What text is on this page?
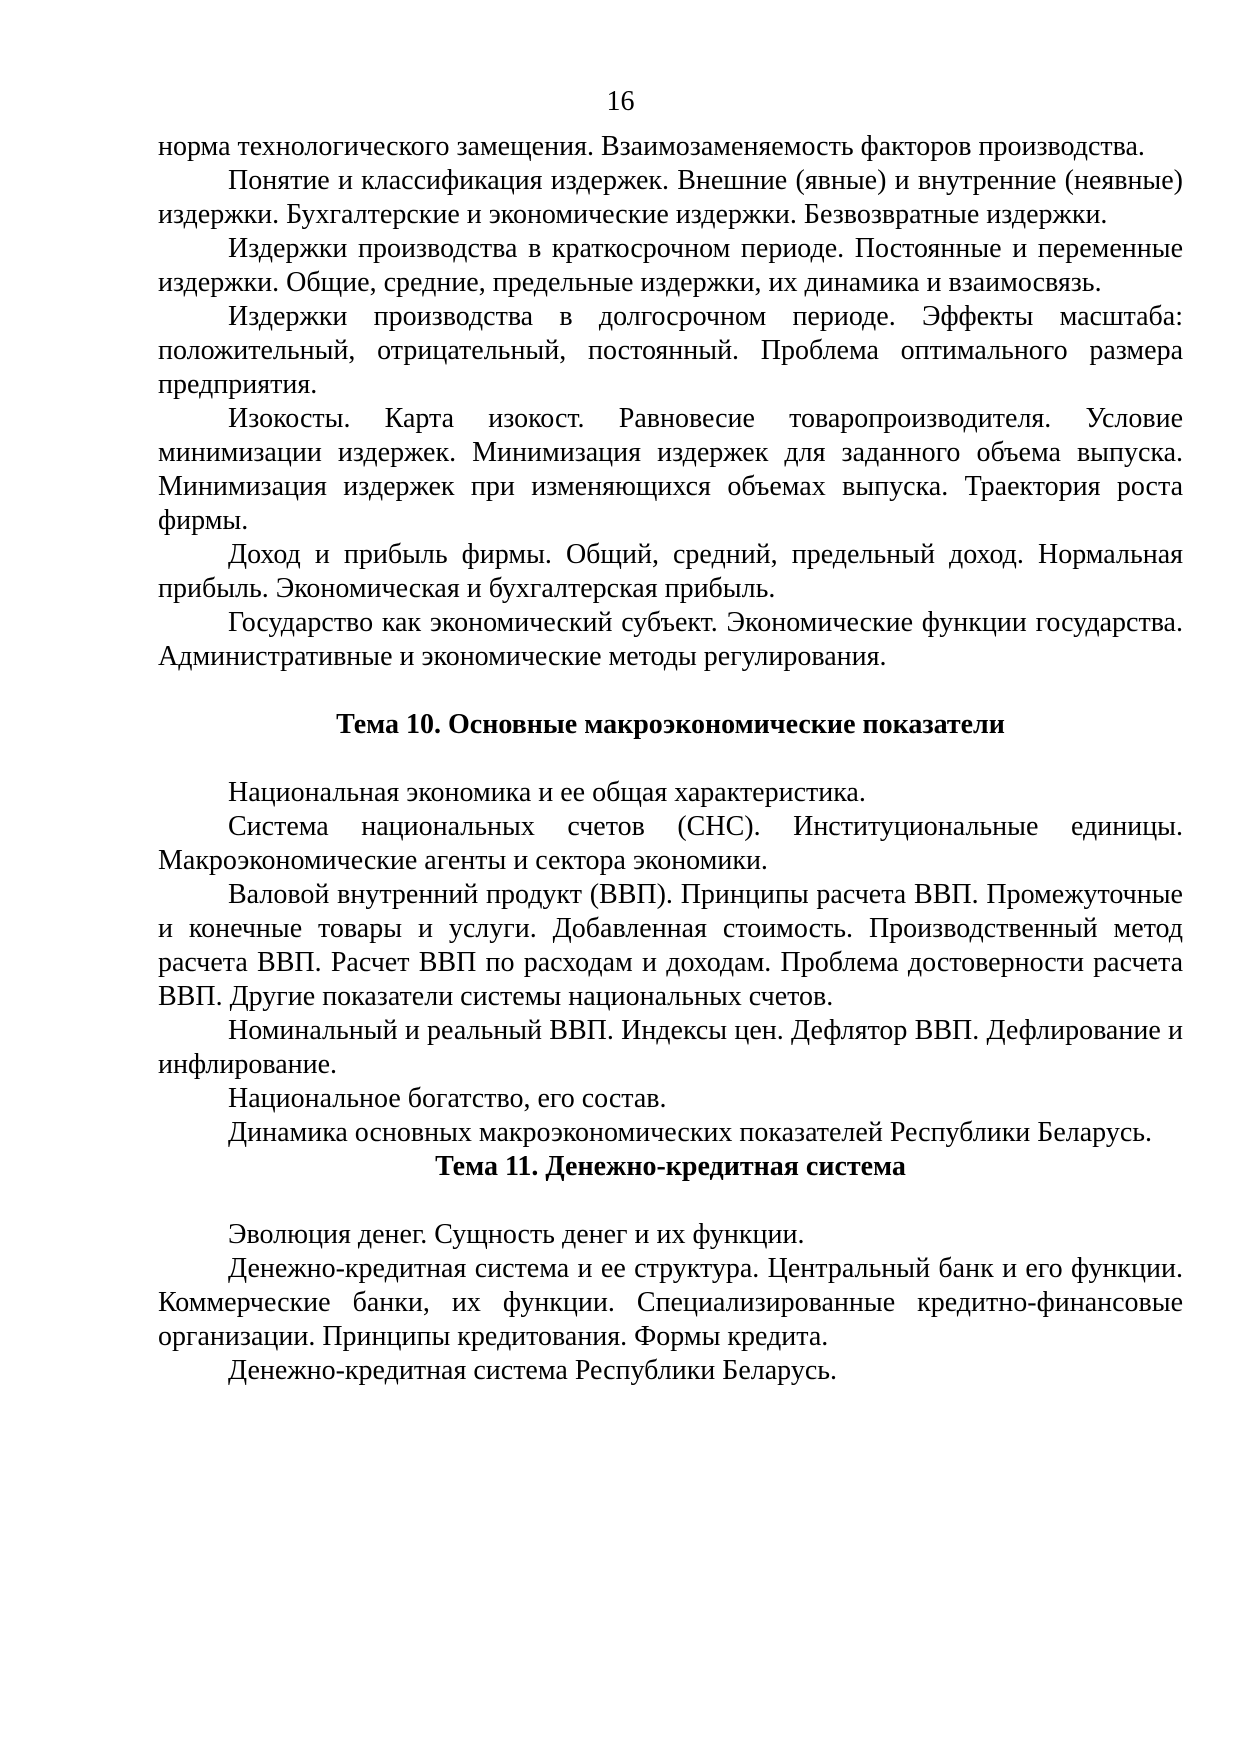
16

норма технологического замещения. Взаимозаменяемость факторов производства.

Понятие и классификация издержек. Внешние (явные) и внутренние (неявные) издержки. Бухгалтерские и экономические издержки. Безвозвратные издержки.

Издержки производства в краткосрочном периоде. Постоянные и переменные издержки. Общие, средние, предельные издержки, их динамика и взаимосвязь.

Издержки производства в долгосрочном периоде. Эффекты масштаба: положительный, отрицательный, постоянный. Проблема оптимального размера предприятия.

Изокосты. Карта изокост. Равновесие товаропроизводителя. Условие минимизации издержек. Минимизация издержек для заданного объема выпуска. Минимизация издержек при изменяющихся объемах выпуска. Траектория роста фирмы.

Доход и прибыль фирмы. Общий, средний, предельный доход. Нормальная прибыль. Экономическая и бухгалтерская прибыль.

Государство как экономический субъект. Экономические функции государства. Административные и экономические методы регулирования.

Тема 10. Основные макроэкономические показатели

Национальная экономика и ее общая характеристика.

Система национальных счетов (СНС). Институциональные единицы. Макроэкономические агенты и сектора экономики.

Валовой внутренний продукт (ВВП). Принципы расчета ВВП. Промежуточные и конечные товары и услуги. Добавленная стоимость. Производственный метод расчета ВВП. Расчет ВВП по расходам и доходам. Проблема достоверности расчета ВВП. Другие показатели системы национальных счетов.

Номинальный и реальный ВВП. Индексы цен. Дефлятор ВВП. Дефлирование и инфлирование.

Национальное богатство, его состав.

Динамика основных макроэкономических показателей Республики Беларусь.

Тема 11. Денежно-кредитная система

Эволюция денег. Сущность денег и их функции.

Денежно-кредитная система и ее структура. Центральный банк и его функции. Коммерческие банки, их функции. Специализированные кредитно-финансовые организации. Принципы кредитования. Формы кредита.

Денежно-кредитная система Республики Беларусь.
